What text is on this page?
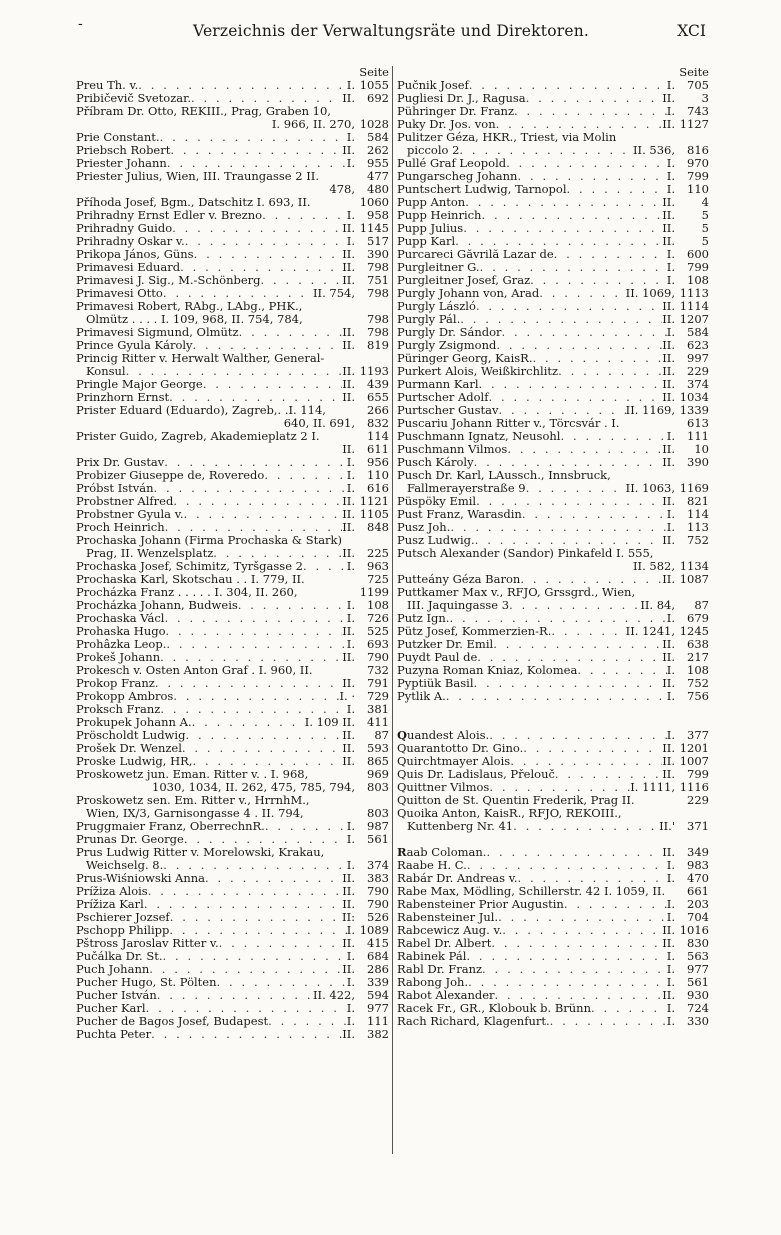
-	Verzeichnis der Verwaltungsräte und Direktoren.	XCI
Seite
Preu Th. v. . . .	I. 1055
Pribičevič Svetozar. . . .	II.	692
Příbram Dr. Otto, REKIII., Prag, Graben 10,
I. 966, II. 270, 1028
Prie Constant. . . .	I.	584
Priebsch Robert . . .	II.	262
Priester Johann . . .	I.	955
Priester Julius, Wien, III. Traungasse 2 II.	477
478,	480
Příhoda Josef, Bgm., Datschitz I. 693, II.	1060
Prihradny Ernst Edler v. Brezno . . .	I.	958
Prihradny Guido . . .	II. 1145
Prihradny Oskar v. . . .	I.	517
Prikopa János, Güns . . .	II.	390
Primavesi Eduard . . .	II.	798
Primavesi J. Sig., M.-Schönberg . . .	II.	751
Primavesi Otto . . .	II. 754,	798
Primavesi Robert, RAbg., LAbg., PHK.,
Olmütz . . . . I. 109, 968, II. 754, 784,	798
Primavesi Sigmund, Olmütz . . .	II.	798
Prince Gyula Károly . . .	II.	819
Princig Ritter v. Herwalt Walther, General-
Konsul . . .	II. 1193
Pringle Major George . . .	II.	439
Prinzhorn Ernst . . .	II.	655
Prister Eduard (Eduardo), Zagreb,. .I. 114,	266
640, II. 691,	832
Prister Guido, Zagreb, Akademieplatz 2 I.	114
II.	611
Prix Dr. Gustav . . .	I.	956
Probizer Giuseppe de, Roveredo . . .	I.	110
Próbst István . . .	I.	616
Probstner Alfred . . .	II. 1121
Probstner Gyula v. . . .	II. 1105
Proch Heinrich . . .	II.	848
Prochaska Johann (Firma Prochaska & Stark)
Prag, II. Wenzelsplatz . . .	II.	225
Prochaska Josef, Schimitz, Tyršgasse 2 . . .	I.	963
Prochaska Karl, Skotschau . . I. 779, II.	725
Procházka Franz . . . . . I. 304, II. 260,	1199
Procházka Johann, Budweis . . .	I.	108
Prochaska Václ . . .	I.	726
Prohaska Hugo . . .	II.	525
Prohâzka Leop. . . .	I.	693
Prokeš Johann . . .	II.	790
Prokesch v. Osten Anton Graf . I. 960, II.	732
Prokop Franz . . .	II.	791
Prokopp Ambros . . .	I. ·	729
Proksch Franz . . .	I.	381
Prokupek Johann A. . . .	I. 109 II.	411
Pröscholdt Ludwig . . .	II.	87
Prošek Dr. Wenzel . . .	II.	593
Proske Ludwig, HR, . . .	II.	865
Proskowetz jun. Eman. Ritter v. . I. 968,	969
1030, 1034, II. 262, 475, 785, 794,	803
Proskowetz sen. Em. Ritter v., HrrnhM.,
Wien, IX/3, Garnisongasse 4 . II. 794,	803
Pruggmaier Franz, OberrechnR. . . .	I.	987
Prunas Dr. George . . .	I.	561
Prus Ludwig Ritter v. Morelowski, Krakau,
Weichselg. 8. . . .	I.	374
Prus-Wiśniowski Anna . . .	II.	383
Prížiza Alois . . .	II.	790
Prížiza Karl . . .	II.	790
Pschierer Jozsef . . .	II:	526
Pschopp Philipp . . .	I. 1089
Pštross Jaroslav Ritter v. . . .	II.	415
Pučálka Dr. St. . . .	I.	684
Puch Johann . . .	II.	286
Pucher Hugo, St. Pölten . . .	I.	339
Pucher István . . .	II. 422,	594
Pucher Karl . . .	I.	977
Pucher de Bagos Josef, Budapest . . .	I.	111
Puchta Peter . . .	II.	382
Seite
Pučnik Josef . . .	I.	705
Pugliesi Dr. J., Ragusa . . .	II.	3
Pühringer Dr. Franz . . .	I.	743
Puky Dr. Jos. von . . .	II. 1127
Pulitzer Géza, HKR., Triest, via Molin
piccolo 2 . . .	II. 536,	816
Pullé Graf Leopold . . .	I.	970
Pungarscheg Johann . . .	I.	799
Puntschert Ludwig, Tarnopol . . .	I.	110
Pupp Anton . . .	II.	4
Pupp Heinrich . . .	II.	5
Pupp Julius . . .	II.	5
Pupp Karl . . .	II.	5
Purcareci Găvrilă Lazar de . . .	I.	600
Purgleitner G. . . .	I.	799
Purgleitner Josef, Graz . . .	I.	108
Purgly Johann von, Arad . . .	II. 1069, 1113
Purgly László . . .	II. 1114
Purgly Pál. . . .	II. 1207
Purgly Dr. Sándor . . .	I.	584
Purgly Zsigmond . . .	II.	623
Püringer Georg, KaisR. . . .	II.	997
Purkert Alois, Weißkirchlitz . . .	II.	229
Purmann Karl . . .	II.	374
Purtscher Adolf . . .	II. 1034
Purtscher Gustav . . .	II. 1169, 1339
Puscariu Johann Ritter v., Törcsvár . I.	613
Puschmann Ignatz, Neusohl . . .	I.	111
Puschmann Vilmos . . .	II.	10
Pusch Károly . . .	II.	390
Pusch Dr. Karl, LAussch., Innsbruck,
Fallmerayerstraße 9 . . .	II. 1063, 1169
Püspöky Emil . . .	II.	821
Pust Franz, Warasdin . . .	I.	114
Pusz Joh. . . .	I.	113
Pusz Ludwig. . . .	II.	752
Putsch Alexander (Sandor) Pinkafeld I. 555,
II. 582, 1134
Putteány Géza Baron . . .	II. 1087
Puttkamer Max v., RFJO, Grssgrd., Wien,
III. Jaquingasse 3 . . .	II. 84,	87
Putz Ign. . . .	I.	679
Pütz Josef, Kommerzien-R. . . .	II. 1241, 1245
Putzker Dr. Emil . . .	II.	638
Puydt Paul de . . .	II.	217
Puzyna Roman Kniaz, Kolomea . . .	I.	108
Pyptiük Basil . . .	II.	752
Pytlik A. . . .	I.	756
Quandest Alois. . . .	I.	377
Quarantotto Dr. Gino. . . .	II. 1201
Quirchtmayer Alois . . .	II. 1007
Quis Dr. Ladislaus, Přelouč . . .	II.	799
Quittner Vilmos . . .	I. 1111, 1116
Quitton de St. Quentin Frederik, Prag II.	229
Quoika Anton, KaisR., RFJO, REKOIII.,
Kuttenberg Nr. 41 . . .	II.'	371
Raab Coloman. . . .	II.	349
Raabe H. C. . . .	I.	983
Rabár Dr. Andreas v. . . .	I.	470
Rabe Max, Mödling, Schillerstr. 42 I. 1059, II.	661
Rabensteiner Prior Augustin . . .	I.	203
Rabensteiner Jul. . . .	I.	704
Rabcewicz Aug. v. . . .	II. 1016
Rabel Dr. Albert . . .	II.	830
Rabinek Pál . . .	I.	563
Rabl Dr. Franz . . .	I.	977
Rabong Joh. . . .	I.	561
Rabot Alexander . . .	II.	930
Racek Fr., GR., Klobouk b. Brünn . . .	I.	724
Rach Richard, Klagenfurt. . . .	I.	330
